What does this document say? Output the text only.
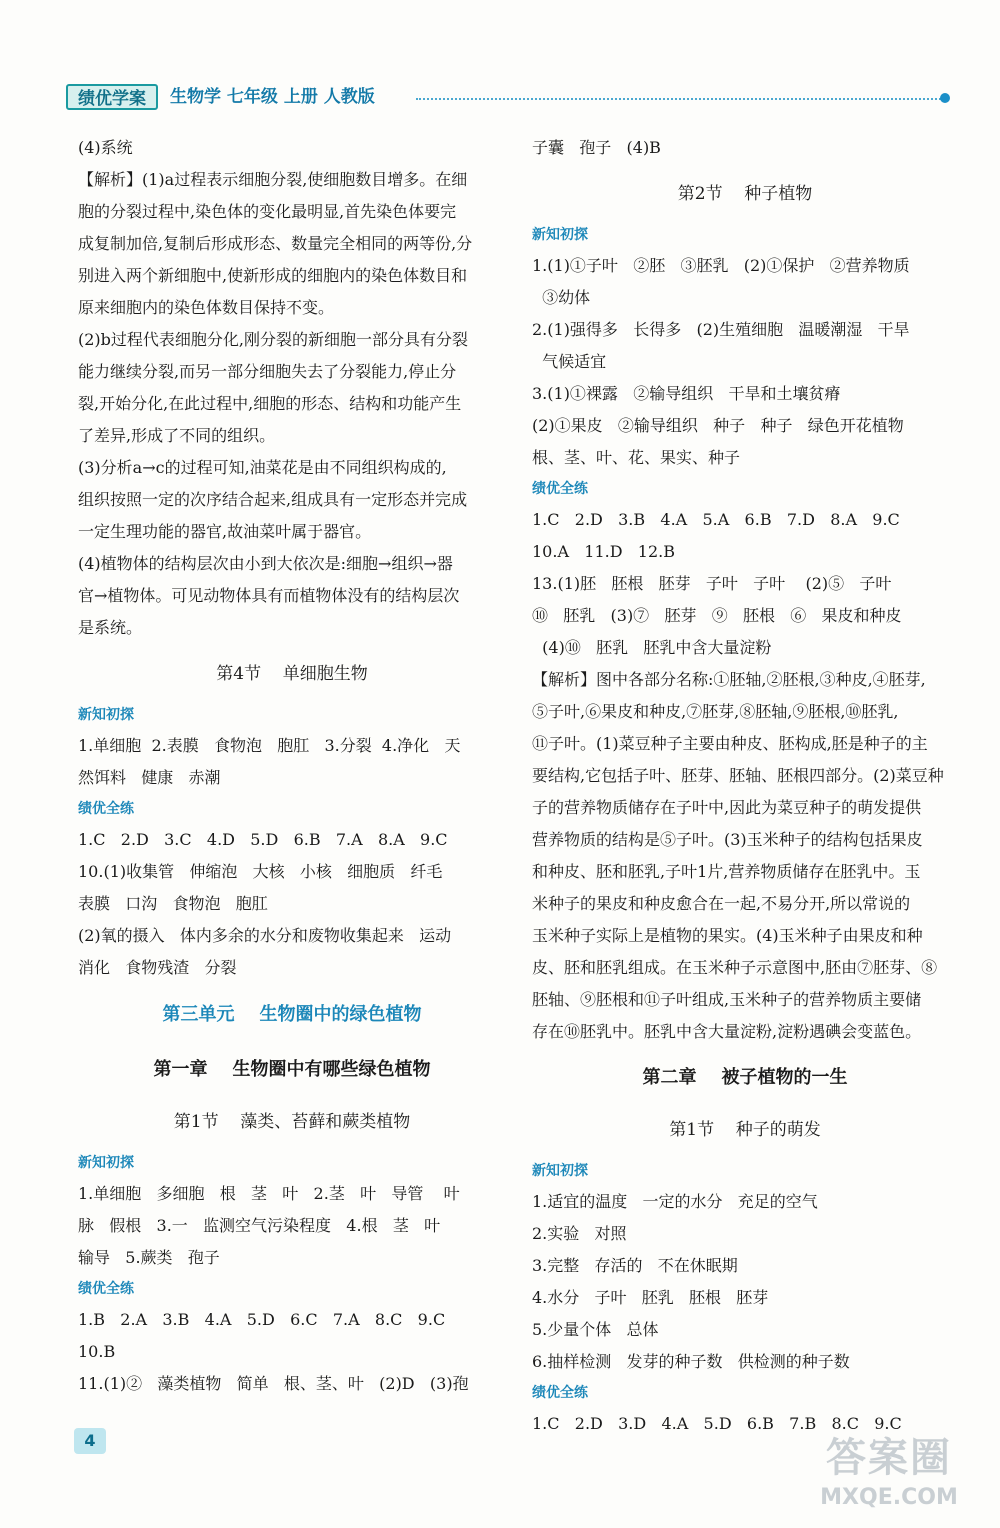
绩优学案	生物学 七年级 上册 人教版
(4)系统
【解析】(1)a过程表示细胞分裂,使细胞数目增多。在细
胞的分裂过程中,染色体的变化最明显,首先染色体要完
成复制加倍,复制后形成形态、数量完全相同的两等份,分
别进入两个新细胞中,使新形成的细胞内的染色体数目和
原来细胞内的染色体数目保持不变。
(2)b过程代表细胞分化,刚分裂的新细胞一部分具有分裂
能力继续分裂,而另一部分细胞失去了分裂能力,停止分
裂,开始分化,在此过程中,细胞的形态、结构和功能产生
了差异,形成了不同的组织。
(3)分析a→c的过程可知,油菜花是由不同组织构成的,
组织按照一定的次序结合起来,组成具有一定形态并完成
一定生理功能的器官,故油菜叶属于器官。
(4)植物体的结构层次由小到大依次是:细胞→组织→器
官→植物体。可见动物体具有而植物体没有的结构层次
是系统。
第4节    单细胞生物
新知初探
1.单细胞  2.表膜   食物泡   胞肛   3.分裂  4.净化   天
然饵料   健康   赤潮
绩优全练
1.C   2.D   3.C   4.D   5.D   6.B   7.A   8.A   9.C
10.(1)收集管   伸缩泡   大核   小核   细胞质   纤毛
表膜   口沟   食物泡   胞肛
(2)氧的摄入   体内多余的水分和废物收集起来   运动
消化   食物残渣   分裂
第三单元    生物圈中的绿色植物
第一章    生物圈中有哪些绿色植物
第1节    藻类、苔藓和蕨类植物
新知初探
1.单细胞   多细胞   根   茎   叶   2.茎   叶   导管    叶
脉   假根   3.一   监测空气污染程度   4.根   茎   叶
输导   5.蕨类   孢子
绩优全练
1.B   2.A   3.B   4.A   5.D   6.C   7.A   8.C   9.C
10.B
11.(1)②   藻类植物   简单   根、茎、叶   (2)D   (3)孢
子囊   孢子   (4)B
第2节    种子植物
新知初探
1.(1)①子叶   ②胚   ③胚乳   (2)①保护   ②营养物质
③幼体
2.(1)强得多   长得多   (2)生殖细胞   温暖潮湿   干旱
气候适宜
3.(1)①裸露   ②输导组织   干旱和土壤贫瘠
(2)①果皮   ②输导组织   种子   种子   绿色开花植物
根、茎、叶、花、果实、种子
绩优全练
1.C   2.D   3.B   4.A   5.A   6.B   7.D   8.A   9.C
10.A   11.D   12.B
13.(1)胚   胚根   胚芽   子叶   子叶    (2)⑤   子叶
⑩   胚乳   (3)⑦   胚芽   ⑨   胚根   ⑥   果皮和种皮
(4)⑩   胚乳   胚乳中含大量淀粉
【解析】图中各部分名称:①胚轴,②胚根,③种皮,④胚芽,
⑤子叶,⑥果皮和种皮,⑦胚芽,⑧胚轴,⑨胚根,⑩胚乳,
⑪子叶。(1)菜豆种子主要由种皮、胚构成,胚是种子的主
要结构,它包括子叶、胚芽、胚轴、胚根四部分。(2)菜豆种
子的营养物质储存在子叶中,因此为菜豆种子的萌发提供
营养物质的结构是⑤子叶。(3)玉米种子的结构包括果皮
和种皮、胚和胚乳,子叶1片,营养物质储存在胚乳中。玉
米种子的果皮和种皮愈合在一起,不易分开,所以常说的
玉米种子实际上是植物的果实。(4)玉米种子由果皮和种
皮、胚和胚乳组成。在玉米种子示意图中,胚由⑦胚芽、⑧
胚轴、⑨胚根和⑪子叶组成,玉米种子的营养物质主要储
存在⑩胚乳中。胚乳中含大量淀粉,淀粉遇碘会变蓝色。
第二章    被子植物的一生
第1节    种子的萌发
新知初探
1.适宜的温度   一定的水分   充足的空气
2.实验   对照
3.完整   存活的   不在休眠期
4.水分   子叶   胚乳   胚根   胚芽
5.少量个体   总体
6.抽样检测   发芽的种子数   供检测的种子数
绩优全练
1.C   2.D   3.D   4.A   5.D   6.B   7.B   8.C   9.C
4	答案圈
MXQE.COM
